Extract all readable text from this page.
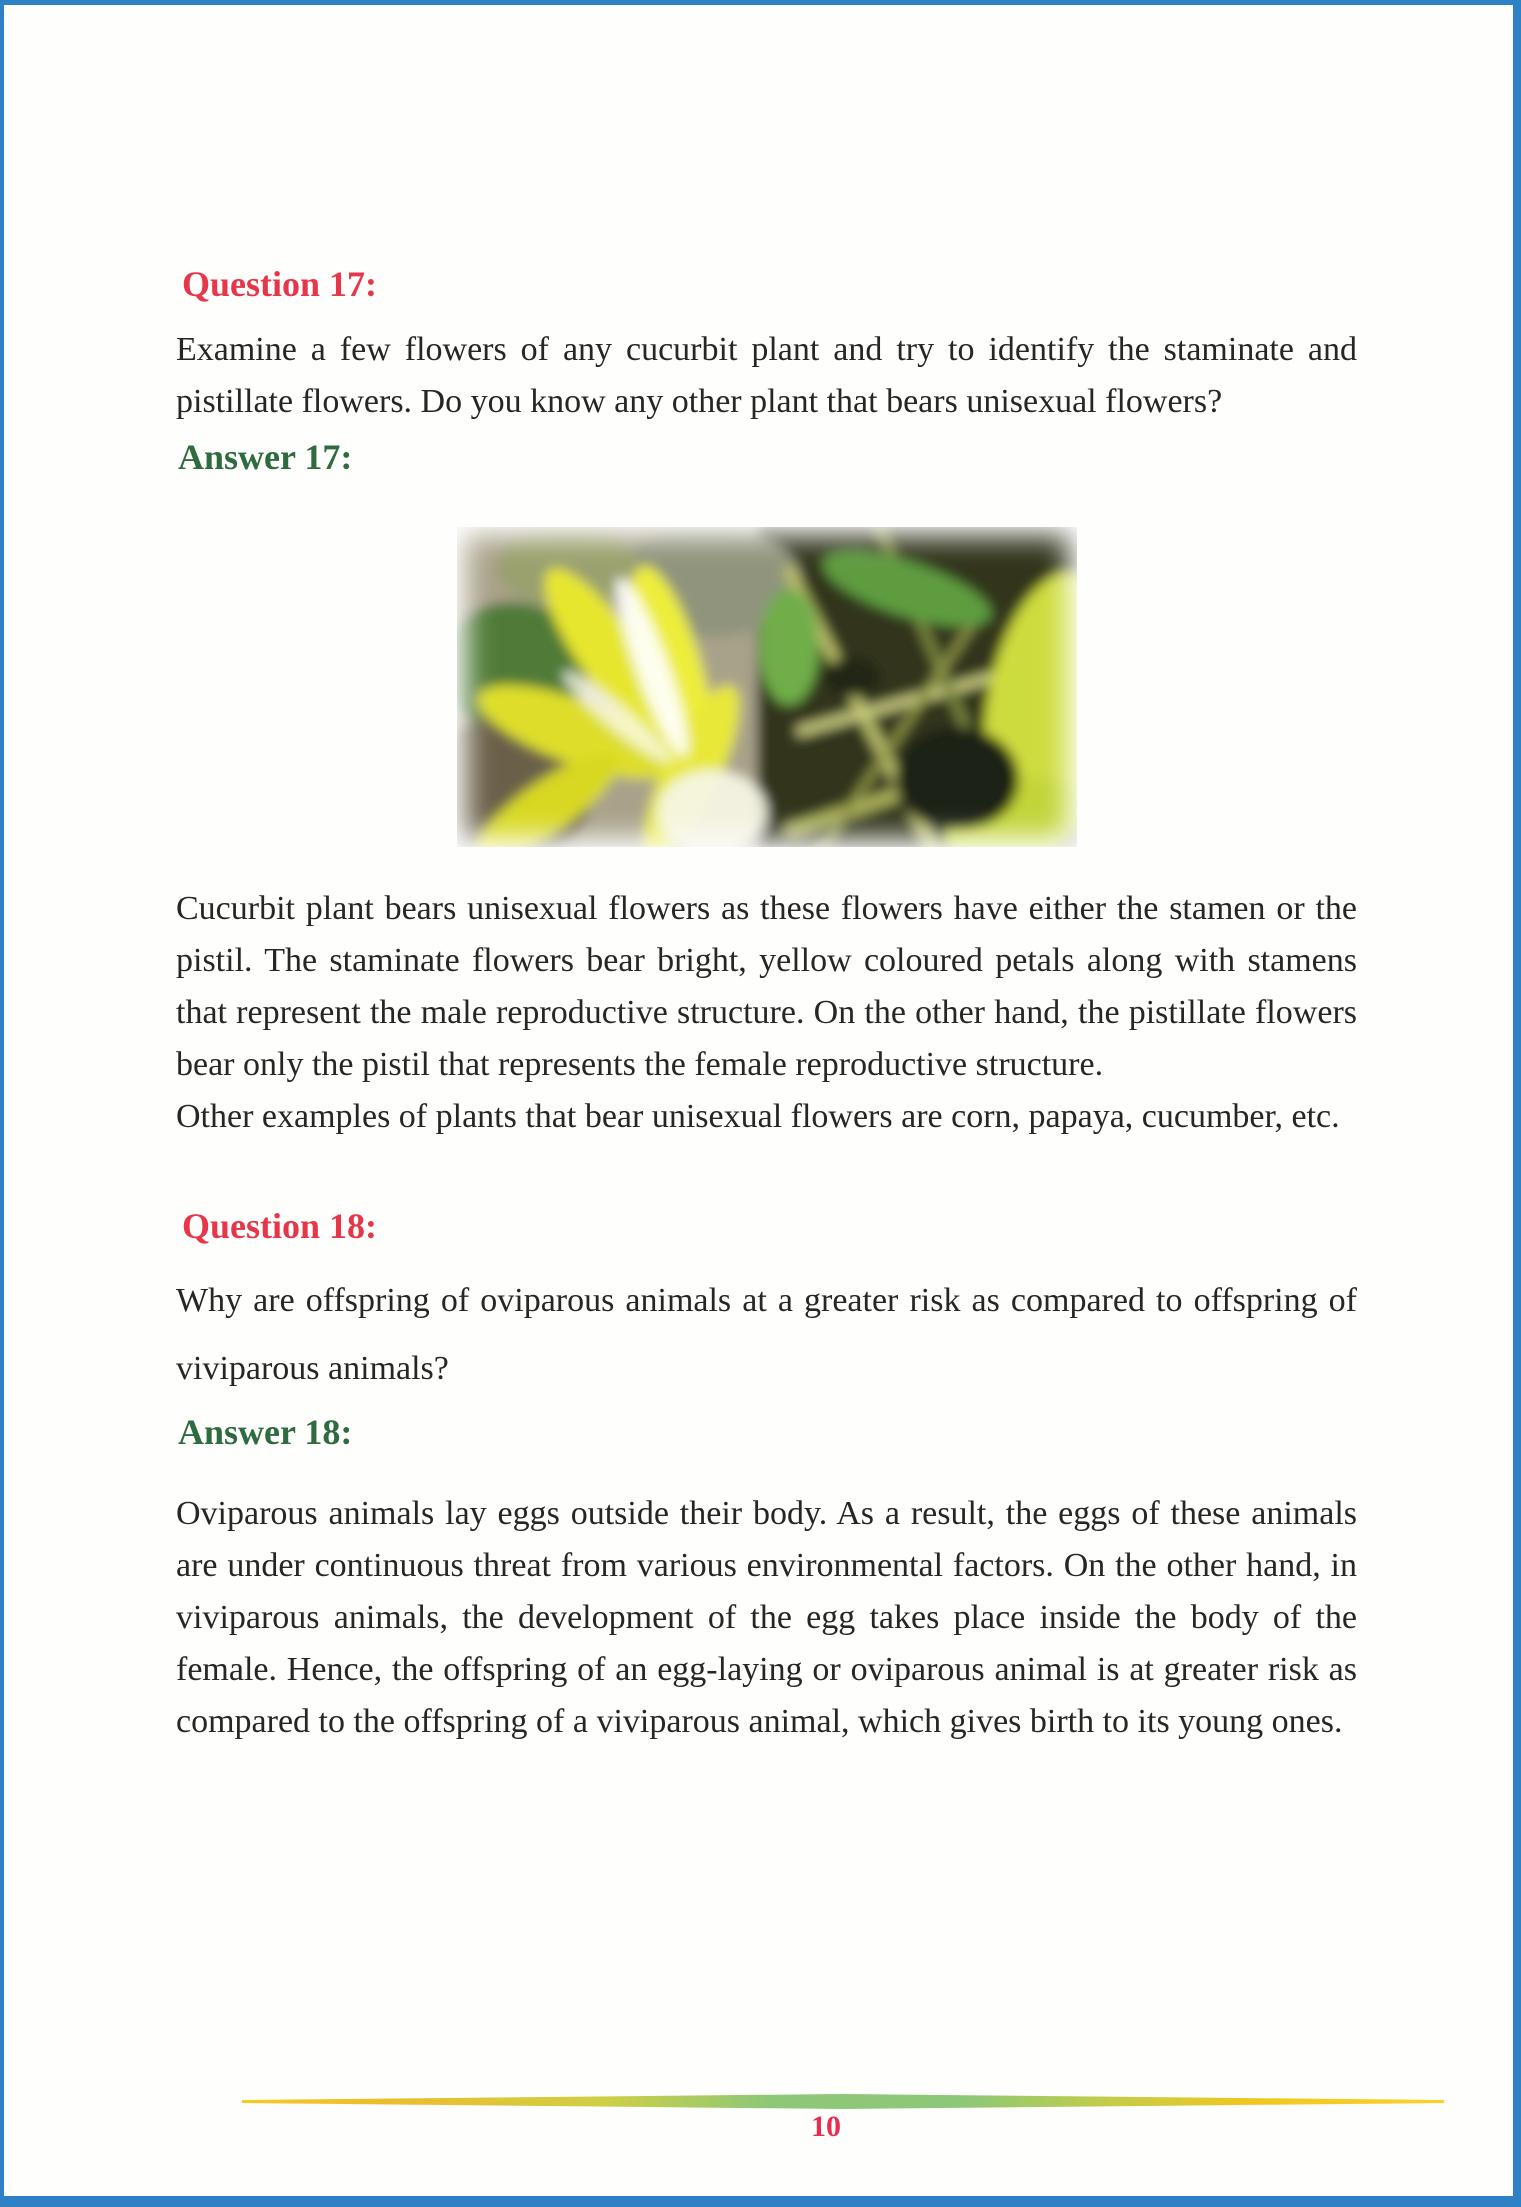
Question 17:

Examine a few flowers of any cucurbit plant and try to identify the staminate and pistillate flowers. Do you know any other plant that bears unisexual flowers?

Answer 17:

Cucurbit plant bears unisexual flowers as these flowers have either the stamen or the pistil. The staminate flowers bear bright, yellow coloured petals along with stamens that represent the male reproductive structure. On the other hand, the pistillate flowers bear only the pistil that represents the female reproductive structure.

Other examples of plants that bear unisexual flowers are corn, papaya, cucumber, etc.

Question 18:

Why are offspring of oviparous animals at a greater risk as compared to offspring of viviparous animals?

Answer 18:

Oviparous animals lay eggs outside their body. As a result, the eggs of these animals are under continuous threat from various environmental factors. On the other hand, in viviparous animals, the development of the egg takes place inside the body of the female. Hence, the offspring of an egg-laying or oviparous animal is at greater risk as compared to the offspring of a viviparous animal, which gives birth to its young ones.

10
